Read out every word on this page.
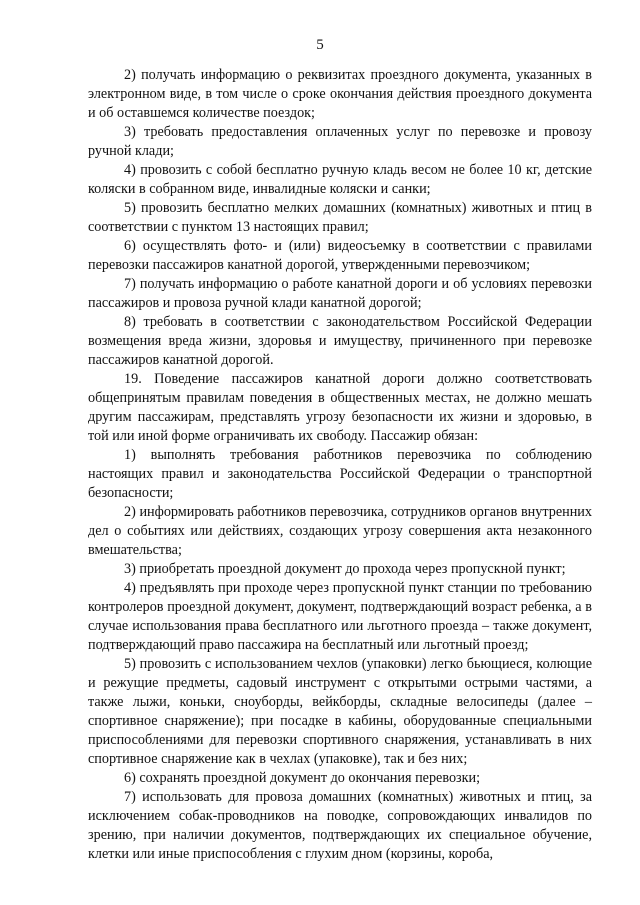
5

2) получать информацию о реквизитах проездного документа, указанных в электронном виде, в том числе о сроке окончания действия проездного документа и об оставшемся количестве поездок;

3) требовать предоставления оплаченных услуг по перевозке и провозу ручной клади;

4) провозить с собой бесплатно ручную кладь весом не более 10 кг, детские коляски в собранном виде, инвалидные коляски и санки;

5) провозить бесплатно мелких домашних (комнатных) животных и птиц в соответствии с пунктом 13 настоящих правил;

6) осуществлять фото- и (или) видеосъемку в соответствии с правилами перевозки пассажиров канатной дорогой, утвержденными перевозчиком;

7) получать информацию о работе канатной дороги и об условиях перевозки пассажиров и провоза ручной клади канатной дорогой;

8) требовать в соответствии с законодательством Российской Федерации возмещения вреда жизни, здоровья и имуществу, причиненного при перевозке пассажиров канатной дорогой.

19. Поведение пассажиров канатной дороги должно соответствовать общепринятым правилам поведения в общественных местах, не должно мешать другим пассажирам, представлять угрозу безопасности их жизни и здоровью, в той или иной форме ограничивать их свободу. Пассажир обязан:

1) выполнять требования работников перевозчика по соблюдению настоящих правил и законодательства Российской Федерации о транспортной безопасности;

2) информировать работников перевозчика, сотрудников органов внутренних дел о событиях или действиях, создающих угрозу совершения акта незаконного вмешательства;

3) приобретать проездной документ до прохода через пропускной пункт;

4) предъявлять при проходе через пропускной пункт станции по требованию контролеров проездной документ, документ, подтверждающий возраст ребенка, а в случае использования права бесплатного или льготного проезда – также документ, подтверждающий право пассажира на бесплатный или льготный проезд;

5) провозить с использованием чехлов (упаковки) легко бьющиеся, колющие и режущие предметы, садовый инструмент с открытыми острыми частями, а также лыжи, коньки, сноуборды, вейкборды, складные велосипеды (далее – спортивное снаряжение); при посадке в кабины, оборудованные специальными приспособлениями для перевозки спортивного снаряжения, устанавливать в них спортивное снаряжение как в чехлах (упаковке), так и без них;

6) сохранять проездной документ до окончания перевозки;

7) использовать для провоза домашних (комнатных) животных и птиц, за исключением собак-проводников на поводке, сопровождающих инвалидов по зрению, при наличии документов, подтверждающих их специальное обучение, клетки или иные приспособления с глухим дном (корзины, короба,
